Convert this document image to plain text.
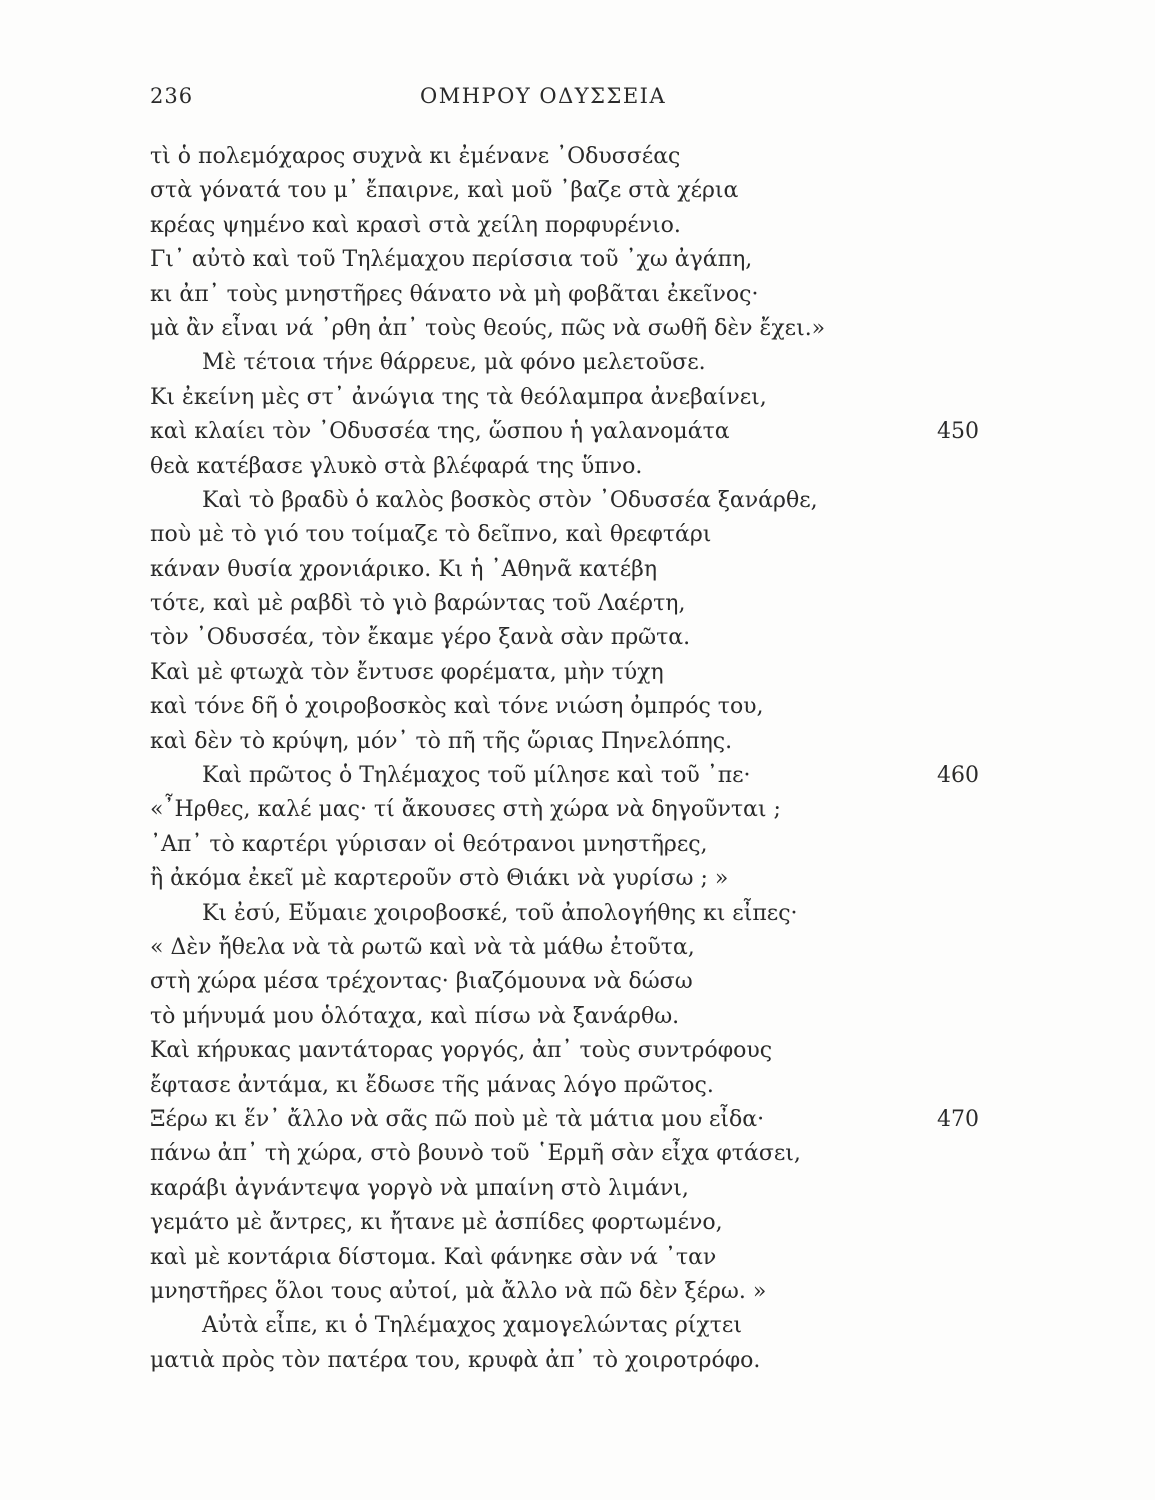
236	ΟΜΗΡΟΥ ΟΔΥΣΣΕΙΑ
τὶ ὁ πολεμόχαρος συχνὰ κι ἐμένανε ᾿Οδυσσέας
στὰ γόνατά του μ᾿ ἔπαιρνε, καὶ μοῦ ᾿βαζε στὰ χέρια
κρέας ψημένο καὶ κρασὶ στὰ χείλη πορφυρένιο.
Γι᾿ αὐτὸ καὶ τοῦ Τηλέμαχου περίσσια τοῦ ᾿χω ἀγάπη,
κι ἀπ᾿ τοὺς μνηστῆρες θάνατο νὰ μὴ φοβᾶται ἐκεῖνος·
μὰ ἂν εἶναι νά ᾿ρθη ἀπ᾿ τοὺς θεούς, πῶς νὰ σωθῆ δὲν ἔχει.»
Μὲ τέτοια τήνε θάρρευε, μὰ φόνο μελετοῦσε.
Κι ἐκείνη μὲς στ᾿ ἀνώγια της τὰ θεόλαμπρα ἀνεβαίνει,
καὶ κλαίει τὸν ᾿Οδυσσέα της, ὥσπου ἡ γαλανομάτα	450
θεὰ κατέβασε γλυκὸ στὰ βλέφαρά της ὕπνο.
Καὶ τὸ βραδὺ ὁ καλὸς βοσκὸς στὸν ᾿Οδυσσέα ξανάρθε,
ποὺ μὲ τὸ γιό του τοίμαζε τὸ δεῖπνο, καὶ θρεφτάρι
κάναν θυσία χρονιάρικο. Κι ἡ ᾿Αθηνᾶ κατέβη
τότε, καὶ μὲ ραβδὶ τὸ γιὸ βαρώντας τοῦ Λαέρτη,
τὸν ᾿Οδυσσέα, τὸν ἔκαμε γέρο ξανὰ σὰν πρῶτα.
Καὶ μὲ φτωχὰ τὸν ἔντυσε φορέματα, μὴν τύχη
καὶ τόνε δῆ ὁ χοιροβοσκὸς καὶ τόνε νιώση ὀμπρός του,
καὶ δὲν τὸ κρύψη, μόν᾿ τὸ πῆ τῆς ὥριας Πηνελόπης.
Καὶ πρῶτος ὁ Τηλέμαχος τοῦ μίλησε καὶ τοῦ ᾿πε·	460
«῏Ηρθες, καλέ μας· τί ἄκουσες στὴ χώρα νὰ δηγοῦνται ;
᾿Απ᾿ τὸ καρτέρι γύρισαν οἱ θεότρανοι μνηστῆρες,
ἢ ἀκόμα ἐκεῖ μὲ καρτεροῦν στὸ Θιάκι νὰ γυρίσω ; »
Κι ἐσύ, Εὔμαιε χοιροβοσκέ, τοῦ ἀπολογήθης κι εἶπες·
« Δὲν ἤθελα νὰ τὰ ρωτῶ καὶ νὰ τὰ μάθω ἐτοῦτα,
στὴ χώρα μέσα τρέχοντας· βιαζόμουνα νὰ δώσω
τὸ μήνυμά μου ὁλόταχα, καὶ πίσω νὰ ξανάρθω.
Καὶ κήρυκας μαντάτορας γοργός, ἀπ᾿ τοὺς συντρόφους
ἔφτασε ἀντάμα, κι ἔδωσε τῆς μάνας λόγο πρῶτος.
Ξέρω κι ἕν᾿ ἄλλο νὰ σᾶς πῶ ποὺ μὲ τὰ μάτια μου εἶδα·	470
πάνω ἀπ᾿ τὴ χώρα, στὸ βουνὸ τοῦ ῾Ερμῆ σὰν εἶχα φτάσει,
καράβι ἀγνάντεψα γοργὸ νὰ μπαίνη στὸ λιμάνι,
γεμάτο μὲ ἄντρες, κι ἤτανε μὲ ἀσπίδες φορτωμένο,
καὶ μὲ κοντάρια δίστομα. Καὶ φάνηκε σὰν νά ᾿ταν
μνηστῆρες ὅλοι τους αὐτοί, μὰ ἄλλο νὰ πῶ δὲν ξέρω. »
Αὐτὰ εἶπε, κι ὁ Τηλέμαχος χαμογελώντας ρίχτει
ματιὰ πρὸς τὸν πατέρα του, κρυφὰ ἀπ᾿ τὸ χοιροτρόφο.
